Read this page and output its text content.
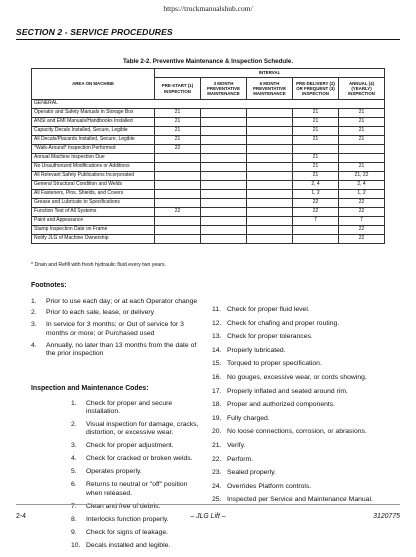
https://truckmanualshub.com/
SECTION 2 - SERVICE PROCEDURES
Table 2-2. Preventive Maintenance & Inspection Schedule.
AREA ON MACHINE	INTERVAL				
	PRE-START (1) INSPECTION	3 MONTH PREVENTATIVE MAINTENANCE	6 MONTH PREVENTATIVE MAINTENANCE	PRE-DELIVERY (2) OR FREQUENT (3) INSPECTION	ANNUAL (4) (YEARLY) INSPECTION
GENERAL					
Operator and Safety Manuals in Storage Box	21			21	21
ANSI and EMI Manuals/Handbooks Installed	21			21	21
Capacity Decals Installed, Secure, Legible	21			21	21
All Decals/Placards Installed, Secure, Legible	21			21	21
*Walk-Around* Inspection Performed	22				
Annual Machine Inspection Due				21	
No Unauthorized Modifications or Additions				21	21
All Relevant Safety Publications Incorporated				21	21, 22
General Structural Condition and Welds				2, 4	2, 4
All Fasteners, Pins, Shields, and Covers				1, 2	1, 2
Grease and Lubricate to Specifications				22	22
Function Test of All Systems	22			22	22
Paint and Appearance				7	7
Stamp Inspection Date on Frame					22
Notify JLG of Machine Ownership					22
* Drain and Refill with fresh hydraulic fluid every two years.
Footnotes:
1.	Prior to use each day; or at each Operator change
2.	Prior to each sale, lease, or delivery
3.	In service for 3 months; or Out of service for 3 months or more; or Purchased used
4.	Annually, no later than 13 months from the date of the prior inspection
Inspection and Maintenance Codes:
1.	Check for proper and secure installation.
2.	Visual inspection for damage, cracks, distortion, or excessive wear.
3.	Check for proper adjustment.
4.	Check for cracked or broken welds.
5.	Operates properly.
6.	Returns to neutral or "off" position when released.
7.	Clean and free of debris.
8.	Interlocks function properly.
9.	Check for signs of leakage.
10. Decals installed and legible.
11. Check for proper fluid level.
12. Check for chafing and proper routing.
13. Check for proper tolerances.
14. Properly lubricated.
15. Torqued to proper specification.
16. No gouges, excessive wear, or cords showing.
17. Properly inflated and seated around rim.
18. Proper and authorized components.
19. Fully charged.
20. No loose connections, corrosion, or abrasions.
21. Verify.
22. Perform.
23. Sealed properly.
24. Overrides Platform controls.
25. Inspected per Service and Maintenance Manual.
2-4	– JLG Lift –	3120775
